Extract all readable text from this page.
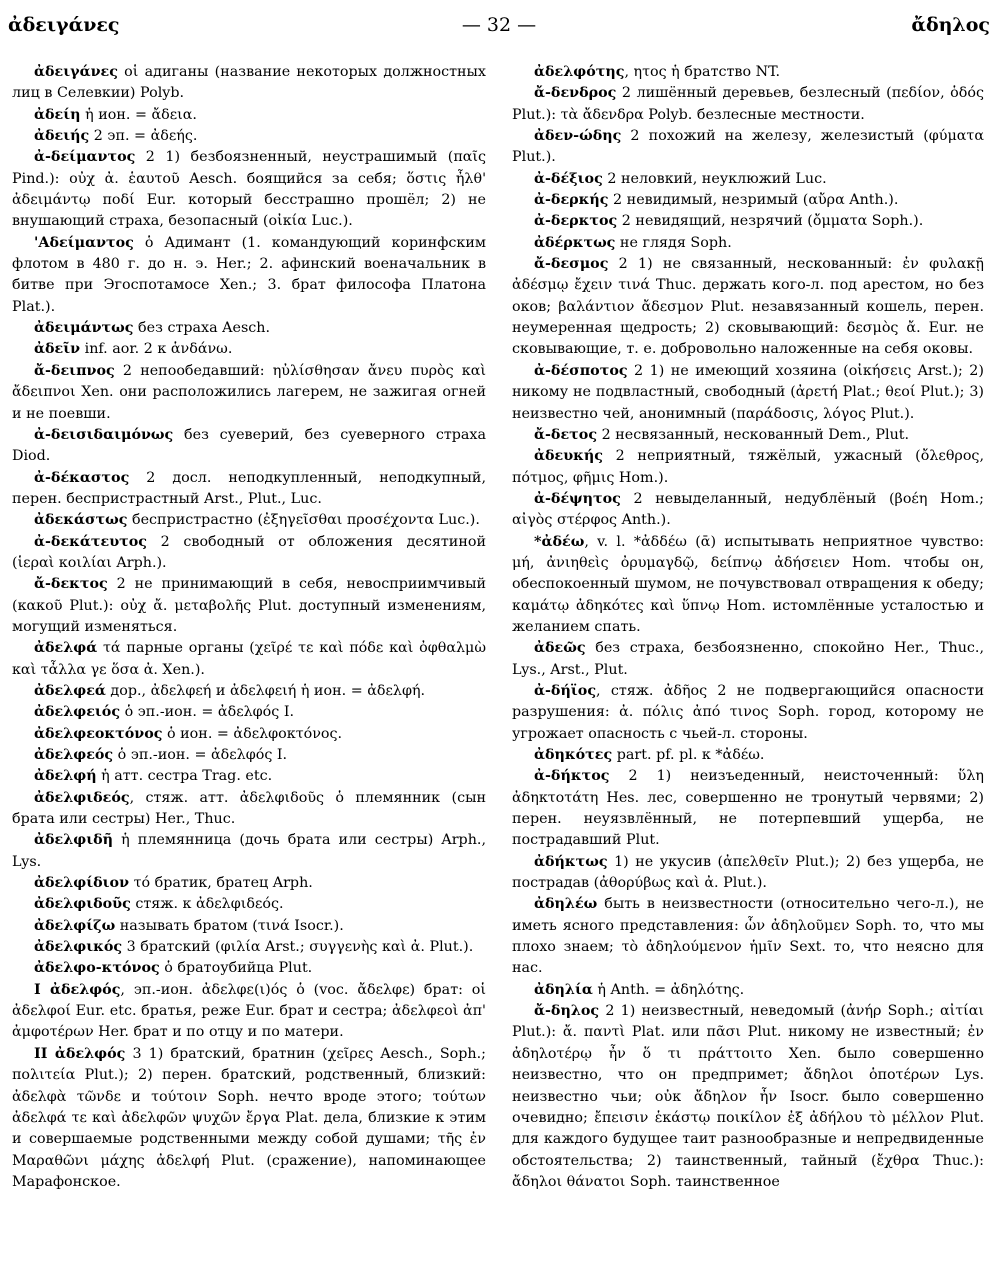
ἀδειγάνες	— 32 —	ἄδηλος

ἀδειγάνες οἱ адиганы (название некоторых должностных лиц в Селевкии) Polyb.

ἀδείη ἡ ион. = ἄδεια.

ἀδειής 2 эп. = ἀδεής.

ἀ-δείμαντος 2 1) безбоязненный, неустрашимый (παῖς Pind.): οὐχ ἀ. ἑαυτοῦ Aesch. боящийся за себя; ὅστις ἦλθ' ἀδειμάντῳ ποδί Eur. который бесстрашно прошёл; 2) не внушающий страха, безопасный (οἰκία Luc.).

'Αδείμαντος ὁ Адимант (1. командующий коринфским флотом в 480 г. до н. э. Her.; 2. афинский военачальник в битве при Эгоспотамосе Xen.; 3. брат философа Платона Plat.).

ἀδειμάντως без страха Aesch.

ἀδεῖν inf. aor. 2 к ἁνδάνω.

ἄ-δειπνος 2 непообедавший: ηὐλίσθησαν ἄνευ πυρὸς καὶ ἄδειπνοι Xen. они расположились лагерем, не зажигая огней и не поевши.

ἀ-δεισιδαιμόνως без суеверий, без суеверного страха Diod.

ἀ-δέκαστος 2 досл. неподкупленный, неподкупный, перен. беспристрастный Arst., Plut., Luc.

ἀδεκάστως беспристрастно (ἐξηγεῖσθαι προσέχοντα Luc.).

ἀ-δεκάτευτος 2 свободный от обложения десятиной (ἱεραὶ κοιλίαι Arph.).

ἄ-δεκτος 2 не принимающий в себя, невосприимчивый (κακοῦ Plut.): οὐχ ἄ. μεταβολῆς Plut. доступный изменениям, могущий изменяться.

ἀδελφά τά парные органы (χεῖρέ τε καὶ πόδε καὶ ὀφθαλμὼ καὶ τἆλλα γε ὅσα ἀ. Xen.).

ἀδελφεά дор., ἀδελφεή и ἀδελφειή ἡ ион. = ἀδελφή.

ἀδελφειός ὁ эп.-ион. = ἀδελφός I.

ἀδελφεοκτόνος ὁ ион. = ἀδελφοκτόνος.

ἀδελφεός ὁ эп.-ион. = ἀδελφός I.

ἀδελφή ἡ атт. сестра Trag. etc.

ἀδελφιδεός, стяж. атт. ἀδελφιδοῦς ὁ племянник (сын брата или сестры) Her., Thuc.

ἀδελφιδῆ ἡ племянница (дочь брата или сестры) Arph., Lys.

ἀδελφίδιον τό братик, братец Arph.

ἀδελφιδοῦς стяж. к ἀδελφιδεός.

ἀδελφίζω называть братом (τινά Isocr.).

ἀδελφικός 3 братский (φιλία Arst.; συγγενὴς καὶ ἀ. Plut.).

ἀδελφο-κτόνος ὁ братоубийца Plut.

I ἀδελφός, эп.-ион. ἀδελφε(ι)ός ὁ (voc. ἄδελφε) брат: οἱ ἀδελφοί Eur. etc. братья, реже Eur. брат и сестра; ἀδελφεοὶ ἀπ' ἀμφοτέρων Her. брат и по отцу и по матери.

II ἀδελφός 3 1) братский, братнин (χεῖρες Aesch., Soph.; πολιτεία Plut.); 2) перен. братский, родственный, близкий: ἀδελφὰ τῶνδε и τούτοιν Soph. нечто вроде этого; τούτων ἀδελφά τε καὶ ἀδελφῶν ψυχῶν ἔργα Plat. дела, близкие к этим и совершаемые родственными между собой душами; τῆς ἐν Μαραθῶνι μάχης ἀδελφή Plut. (сражение), напоминающее Марафонское.

ἀδελφότης, ητος ἡ братство NT.

ἄ-δενδρος 2 лишённый деревьев, безлесный (πεδίον, ὁδός Plut.): τὰ ἄδενδρα Polyb. безлесные местности.

ἀδεν-ώδης 2 похожий на железу, железистый (φύματα Plut.).

ἀ-δέξιος 2 неловкий, неуклюжий Luc.

ἀ-δερκής 2 невидимый, незримый (αὔρα Anth.).

ἀ-δερκτος 2 невидящий, незрячий (ὄμματα Soph.).

ἀδέρκτως не глядя Soph.

ἄ-δεσμος 2 1) не связанный, нескованный: ἐν φυλακῇ ἀδέσμῳ ἔχειν τινά Thuc. держать кого-л. под арестом, но без оков; βαλάντιον ἄδεσμον Plut. незавязанный кошель, перен. неумеренная щедрость; 2) сковывающий: δεσμὸς ἄ. Eur. не сковывающие, т. е. добровольно наложенные на себя оковы.

ἀ-δέσποτος 2 1) не имеющий хозяина (οἰκήσεις Arst.); 2) никому не подвластный, свободный (ἀρετή Plat.; θεοί Plut.); 3) неизвестно чей, анонимный (παράδοσις, λόγος Plut.).

ἄ-δετος 2 несвязанный, нескованный Dem., Plut.

ἀδευκής 2 неприятный, тяжёлый, ужасный (ὄλεθρος, πότμος, φῆμις Hom.).

ἀ-δέψητος 2 невыделанный, недублёный (βοέη Hom.; αἰγὸς στέρφος Anth.).

*ἀδέω, v. l. *ἀδδέω (ᾱ) испытывать неприятное чувство: μή, ἀνιηθεὶς ὀρυμαγδῷ, δείπνῳ ἀδήσειεν Hom. чтобы он, обеспокоенный шумом, не почувствовал отвращения к обеду; καμάτῳ ἀδηκότες καὶ ὕπνῳ Hom. истомлённые усталостью и желанием спать.

ἀδεῶς без страха, безбоязненно, спокойно Her., Thuc., Lys., Arst., Plut.

ἀ-δήϊος, стяж. ἀδῆος 2 не подвергающийся опасности разрушения: ἀ. πόλις ἀπό τινος Soph. город, которому не угрожает опасность с чьей-л. стороны.

ἀδηκότες part. pf. pl. к *ἀδέω.

ἀ-δήκτος 2 1) неизъеденный, неисточенный: ὕλη ἀδηκτοτάτη Hes. лес, совершенно не тронутый червями; 2) перен. неуязвлённый, не потерпевший ущерба, не пострадавший Plut.

ἀδήκτως 1) не укусив (ἀπελθεῖν Plut.); 2) без ущерба, не пострадав (ἀθορύβως καὶ ἀ. Plut.).

ἀδηλέω быть в неизвестности (относительно чего-л.), не иметь ясного представления: ὧν ἀδηλοῦμεν Soph. то, что мы плохо знаем; τὸ ἀδηλούμενον ἡμῖν Sext. то, что неясно для нас.

ἀδηλία ἡ Anth. = ἀδηλότης.

ἄ-δηλος 2 1) неизвестный, неведомый (ἀνήρ Soph.; αἰτίαι Plut.): ἄ. παντὶ Plat. или πᾶσι Plut. никому не известный; ἐν ἀδηλοτέρῳ ἦν ὅ τι πράττοιτο Xen. было совершенно неизвестно, что он предпримет; ἄδηλοι ὁποτέρων Lys. неизвестно чьи; οὐκ ἄδηλον ἦν Isocr. было совершенно очевидно; ἔπεισιν ἑκάστῳ ποικίλον ἐξ ἀδήλου τὸ μέλλον Plut. для каждого будущее таит разнообразные и непредвиденные обстоятельства; 2) таинственный, тайный (ἔχθρα Thuc.): ἄδηλοι θάνατοι Soph. таинственное
